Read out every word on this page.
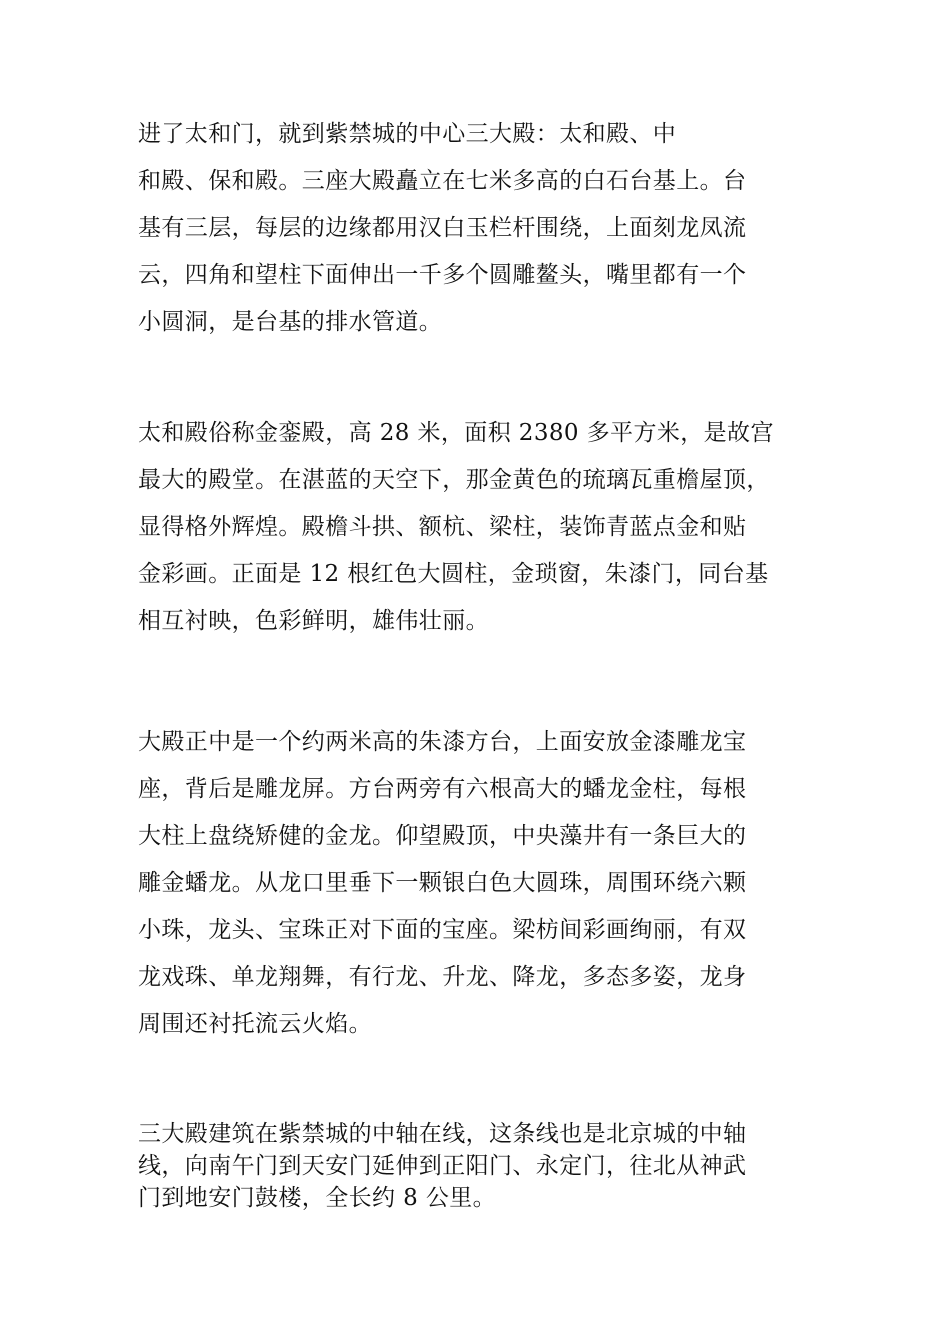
进了太和门，就到紫禁城的中心三大殿：太和殿、中
和殿、保和殿。三座大殿矗立在七米多高的白石台基上。台
基有三层，每层的边缘都用汉白玉栏杆围绕，上面刻龙凤流
云，四角和望柱下面伸出一千多个圆雕鳌头，嘴里都有一个
小圆洞，是台基的排水管道。
太和殿俗称金銮殿，高 28 米，面积 2380 多平方米，是故宫
最大的殿堂。在湛蓝的天空下，那金黄色的琉璃瓦重檐屋顶，
显得格外辉煌。殿檐斗拱、额杭、梁柱，装饰青蓝点金和贴
金彩画。正面是 12 根红色大圆柱，金琐窗，朱漆门，同台基
相互衬映，色彩鲜明，雄伟壮丽。
大殿正中是一个约两米高的朱漆方台，上面安放金漆雕龙宝
座，背后是雕龙屏。方台两旁有六根高大的蟠龙金柱，每根
大柱上盘绕矫健的金龙。仰望殿顶，中央藻井有一条巨大的
雕金蟠龙。从龙口里垂下一颗银白色大圆珠，周围环绕六颗
小珠，龙头、宝珠正对下面的宝座。梁枋间彩画绚丽，有双
龙戏珠、单龙翔舞，有行龙、升龙、降龙，多态多姿，龙身
周围还衬托流云火焰。
三大殿建筑在紫禁城的中轴在线，这条线也是北京城的中轴
线，向南午门到天安门延伸到正阳门、永定门，往北从神武
门到地安门鼓楼，全长约 8 公里。
